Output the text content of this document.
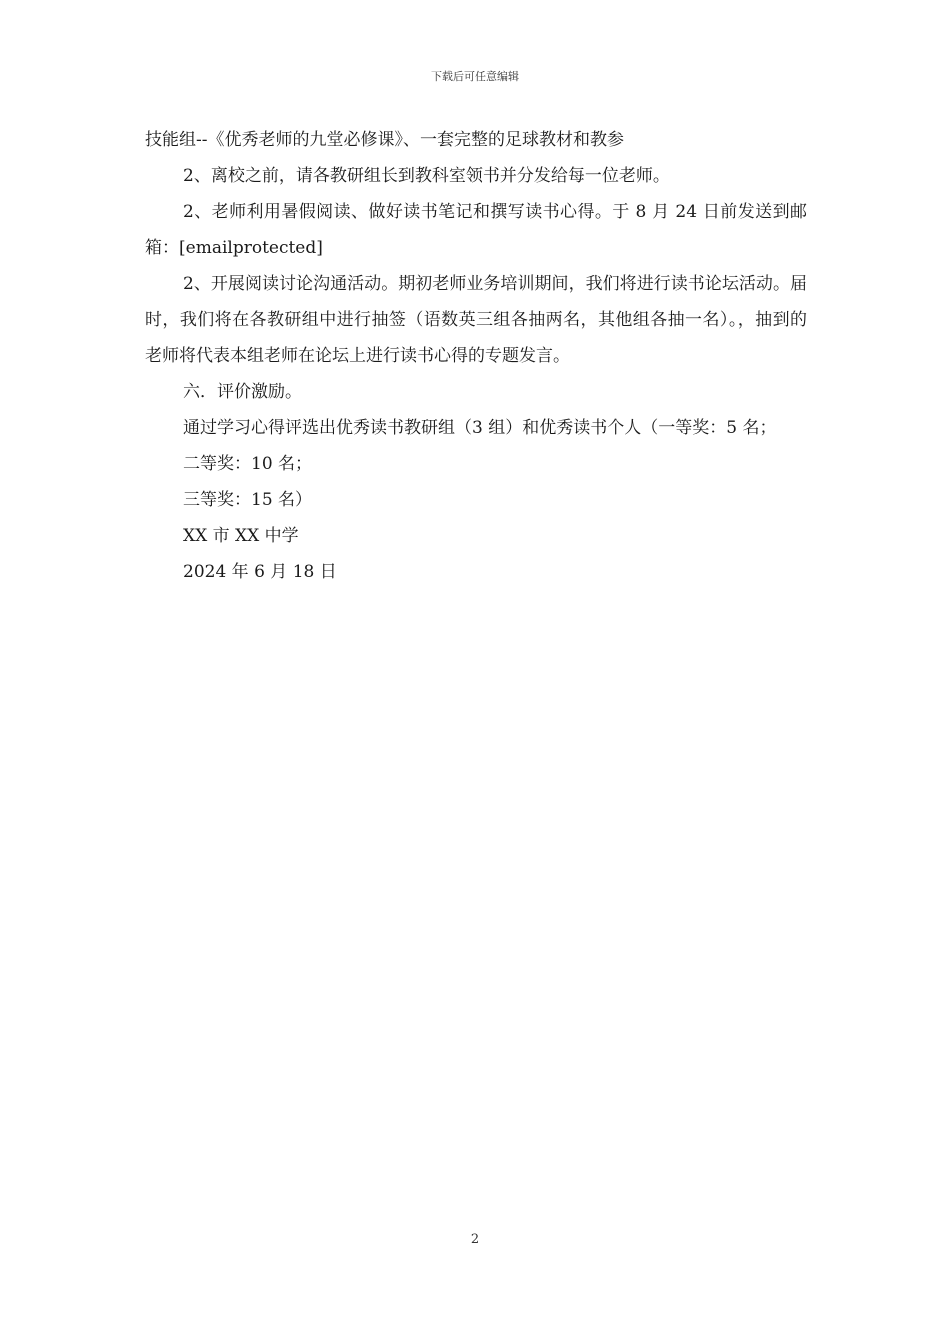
下载后可任意编辑

技能组--《优秀老师的九堂必修课》、一套完整的足球教材和教参

2、离校之前，请各教研组长到教科室领书并分发给每一位老师。

2、老师利用暑假阅读、做好读书笔记和撰写读书心得。于 8 月 24 日前发送到邮箱：[emailprotected]

2、开展阅读讨论沟通活动。期初老师业务培训期间，我们将进行读书论坛活动。届时，我们将在各教研组中进行抽签（语数英三组各抽两名，其他组各抽一名）。，抽到的老师将代表本组老师在论坛上进行读书心得的专题发言。

六．评价激励。

通过学习心得评选出优秀读书教研组（3 组）和优秀读书个人（一等奖：5 名；

二等奖：10 名；

三等奖：15 名）

XX 市 XX 中学

2024 年 6 月 18 日

2
